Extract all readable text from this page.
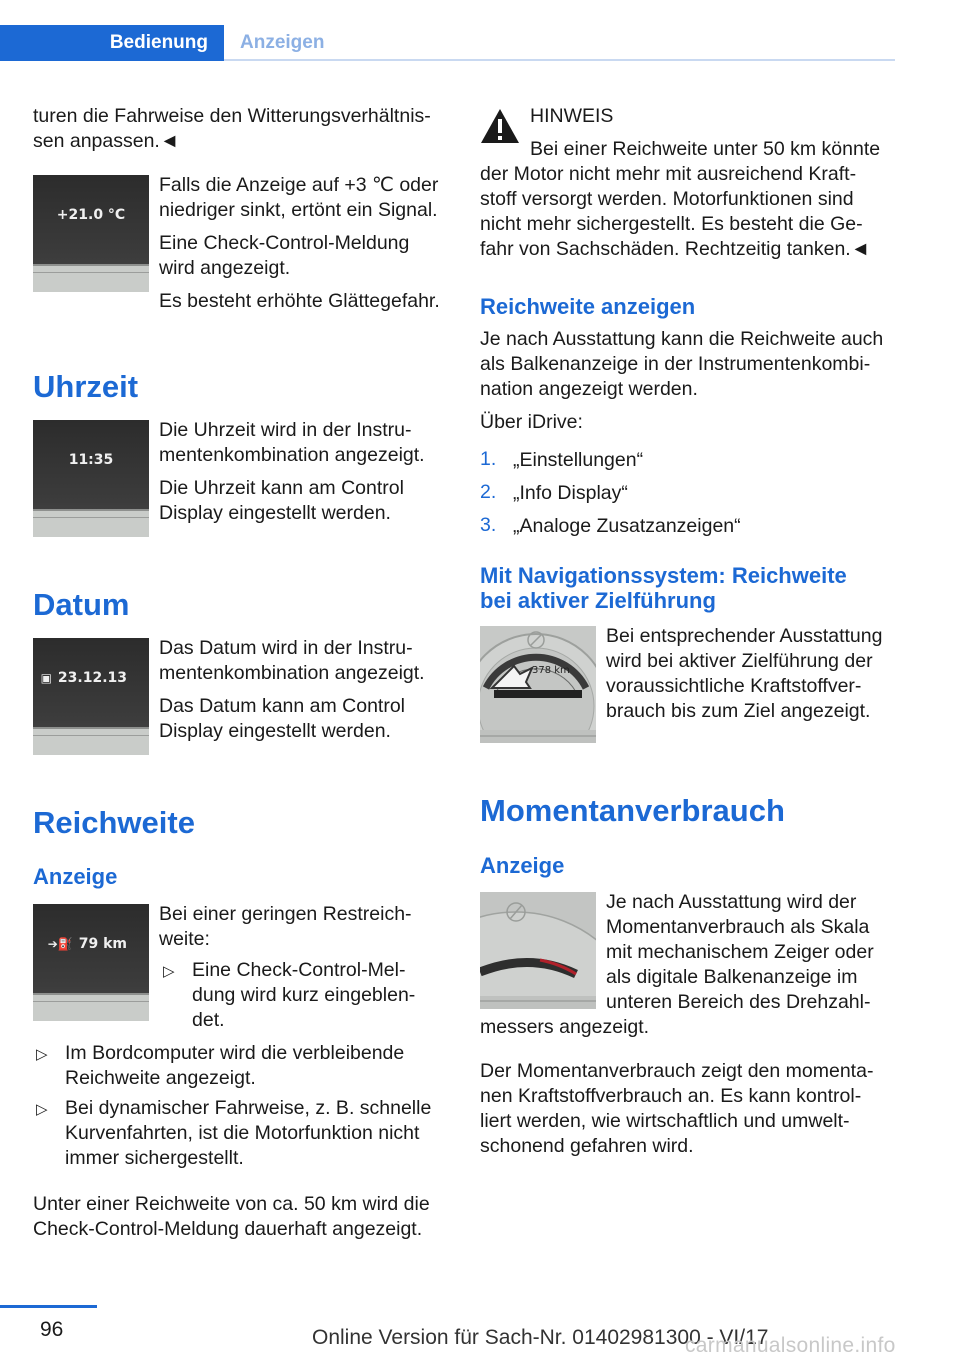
Bedienung	Anzeigen

turen die Fahrweise den Witterungsverhältnis-

sen anpassen.◄

+21.0 °C

Falls die Anzeige auf +3 ℃ oder

niedriger sinkt, ertönt ein Signal.

Eine Check-Control-Meldung

wird angezeigt.

Es besteht erhöhte Glättegefahr.

Uhrzeit
11:35

Die Uhrzeit wird in der Instru-

mentenkombination angezeigt.

Die Uhrzeit kann am Control

Display eingestellt werden.

Datum
▣ 23.12.13

Das Datum wird in der Instru-

mentenkombination angezeigt.

Das Datum kann am Control

Display eingestellt werden.

Reichweite
Anzeige
➔⛽ 79 km

Bei einer geringen Restreich-

weite:

▷ Eine Check-Control-Mel-

dung wird kurz eingeblen-

det.

▷ Im Bordcomputer wird die verbleibende

Reichweite angezeigt.

▷ Bei dynamischer Fahrweise, z. B. schnelle

Kurvenfahrten, ist die Motorfunktion nicht

immer sichergestellt.

Unter einer Reichweite von ca. 50 km wird die

Check-Control-Meldung dauerhaft angezeigt.

HINWEIS

Bei einer Reichweite unter 50 km könnte

der Motor nicht mehr mit ausreichend Kraft-

stoff versorgt werden. Motorfunktionen sind

nicht mehr sichergestellt. Es besteht die Ge-

fahr von Sachschäden. Rechtzeitig tanken.◄

Reichweite anzeigen

Je nach Ausstattung kann die Reichweite auch

als Balkenanzeige in der Instrumentenkombi-

nation angezeigt werden.

Über iDrive:

1. „Einstellungen“

2. „Info Display“

3. „Analoge Zusatzanzeigen“

Mit Navigationssystem: Reichweite
bei aktiver Zielführung
378 km

Bei entsprechender Ausstattung

wird bei aktiver Zielführung der

voraussichtliche Kraftstoffver-

brauch bis zum Ziel angezeigt.

Momentanverbrauch
Anzeige

Je nach Ausstattung wird der

Momentanverbrauch als Skala

mit mechanischem Zeiger oder

als digitale Balkenanzeige im

unteren Bereich des Drehzahl-

messers angezeigt.

Der Momentanverbrauch zeigt den momenta-

nen Kraftstoffverbrauch an. Es kann kontrol-

liert werden, wie wirtschaftlich und umwelt-

schonend gefahren wird.

96	Online Version für Sach-Nr. 01402981300 - VI/17
carmanualsonline.info
